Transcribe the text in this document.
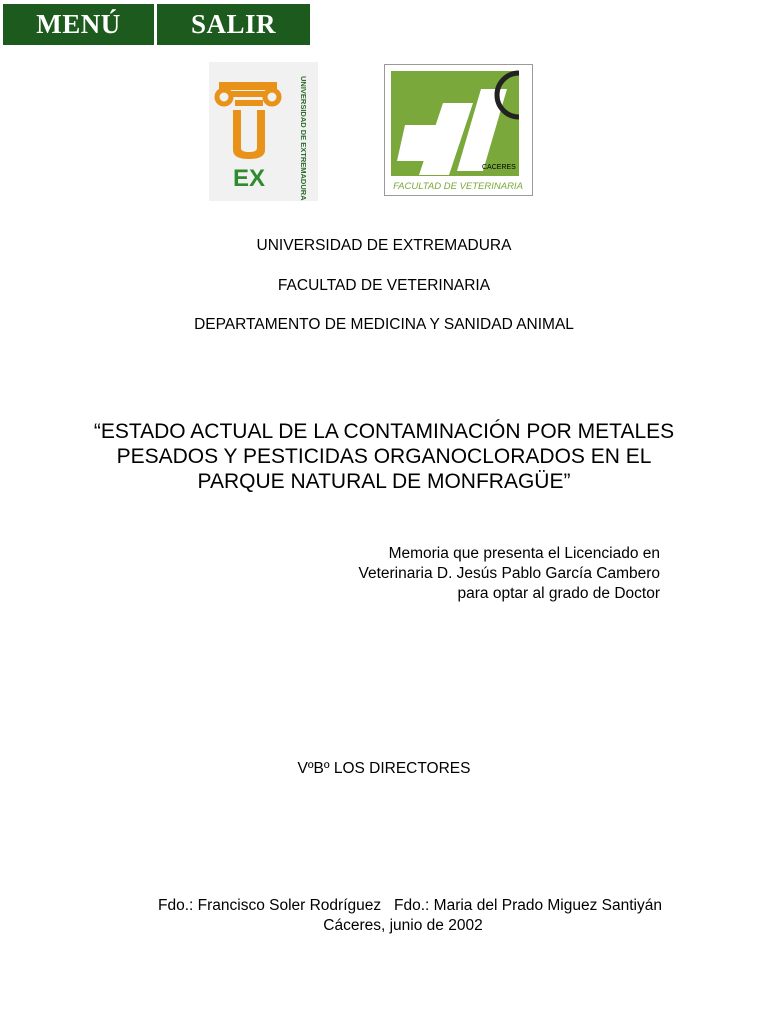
MENÚ	SALIR
EX	UNIVERSIDAD DE EXTREMADURA	CACERES
FACULTAD DE VETERINARIA
UNIVERSIDAD DE EXTREMADURA
FACULTAD DE VETERINARIA
DEPARTAMENTO DE MEDICINA Y SANIDAD ANIMAL
“ESTADO ACTUAL DE LA CONTAMINACIÓN POR METALES
PESADOS Y PESTICIDAS ORGANOCLORADOS EN EL
PARQUE NATURAL DE MONFRAGÜE”
Memoria que presenta el Licenciado en
Veterinaria D. Jesús Pablo García Cambero
para optar al grado de Doctor
VºBº LOS DIRECTORES
Fdo.: Francisco Soler Rodríguez   Fdo.: Maria del Prado Miguez Santiyán
Cáceres, junio de 2002
